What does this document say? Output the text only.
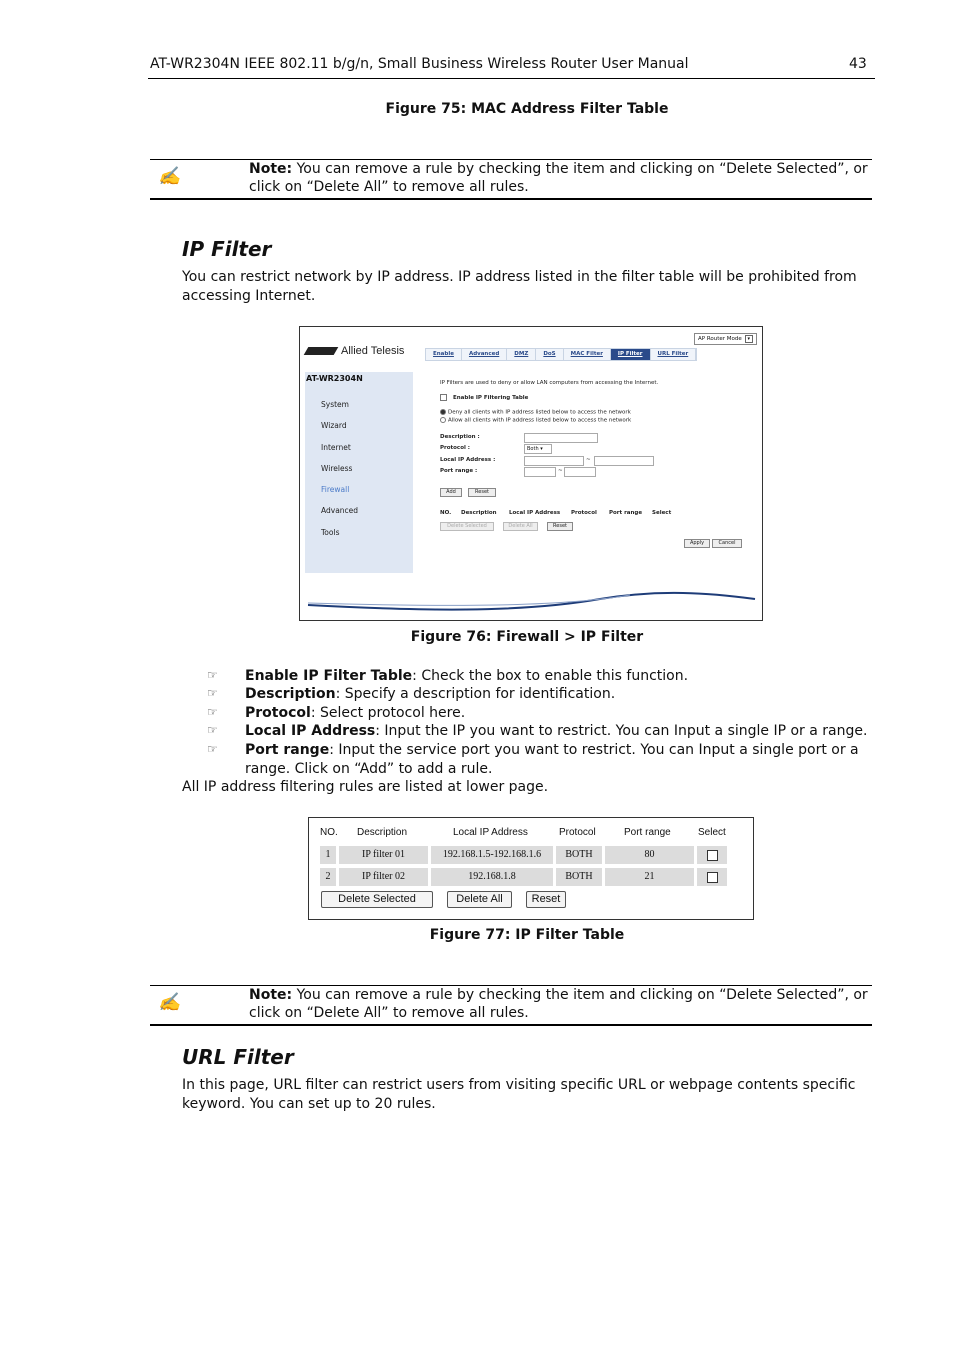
AT-WR2304N IEEE 802.11 b/g/n, Small Business Wireless Router User Manual	43
Figure 75: MAC Address Filter Table
✍	Note: You can remove a rule by checking the item and clicking on “Delete Selected”, or click on “Delete All” to remove all rules.
IP Filter
You can restrict network by IP address. IP address listed in the filter table will be prohibited from accessing Internet.
Allied Telesis	Enable	Advanced	DMZ	DoS	MAC Filter	IP Filter	URL Filter
AP Router Mode ▾
AT-WR2304N
System
Wizard
Internet
Wireless
Firewall
Advanced
Tools
IP Filters are used to deny or allow LAN computers from accessing the Internet.
Enable IP Filtering Table
Deny all clients with IP address listed below to access the network
Allow all clients with IP address listed below to access the network
Description :
Protocol :	Both ▾
Local IP Address :	~
Port range :	~
Add	Reset
NO. Description Local IP Address Protocol Port range Select
Delete Selected	Delete All	Reset
Apply	Cancel
Figure 76: Firewall > IP Filter
☞ Enable IP Filter Table: Check the box to enable this function.
☞ Description: Specify a description for identification.
☞ Protocol: Select protocol here.
☞ Local IP Address: Input the IP you want to restrict. You can Input a single IP or a range.
☞ Port range: Input the service port you want to restrict. You can Input a single port or a range. Click on “Add” to add a rule.
All IP address filtering rules are listed at lower page.
NO. Description	Local IP Address	Protocol	Port range	Select
1	IP filter 01	192.168.1.5-192.168.1.6	BOTH	80
2	IP filter 02	192.168.1.8	BOTH	21
Delete Selected	Delete All	Reset
Figure 77: IP Filter Table
✍	Note: You can remove a rule by checking the item and clicking on “Delete Selected”, or click on “Delete All” to remove all rules.
URL Filter
In this page, URL filter can restrict users from visiting specific URL or webpage contents specific keyword. You can set up to 20 rules.
